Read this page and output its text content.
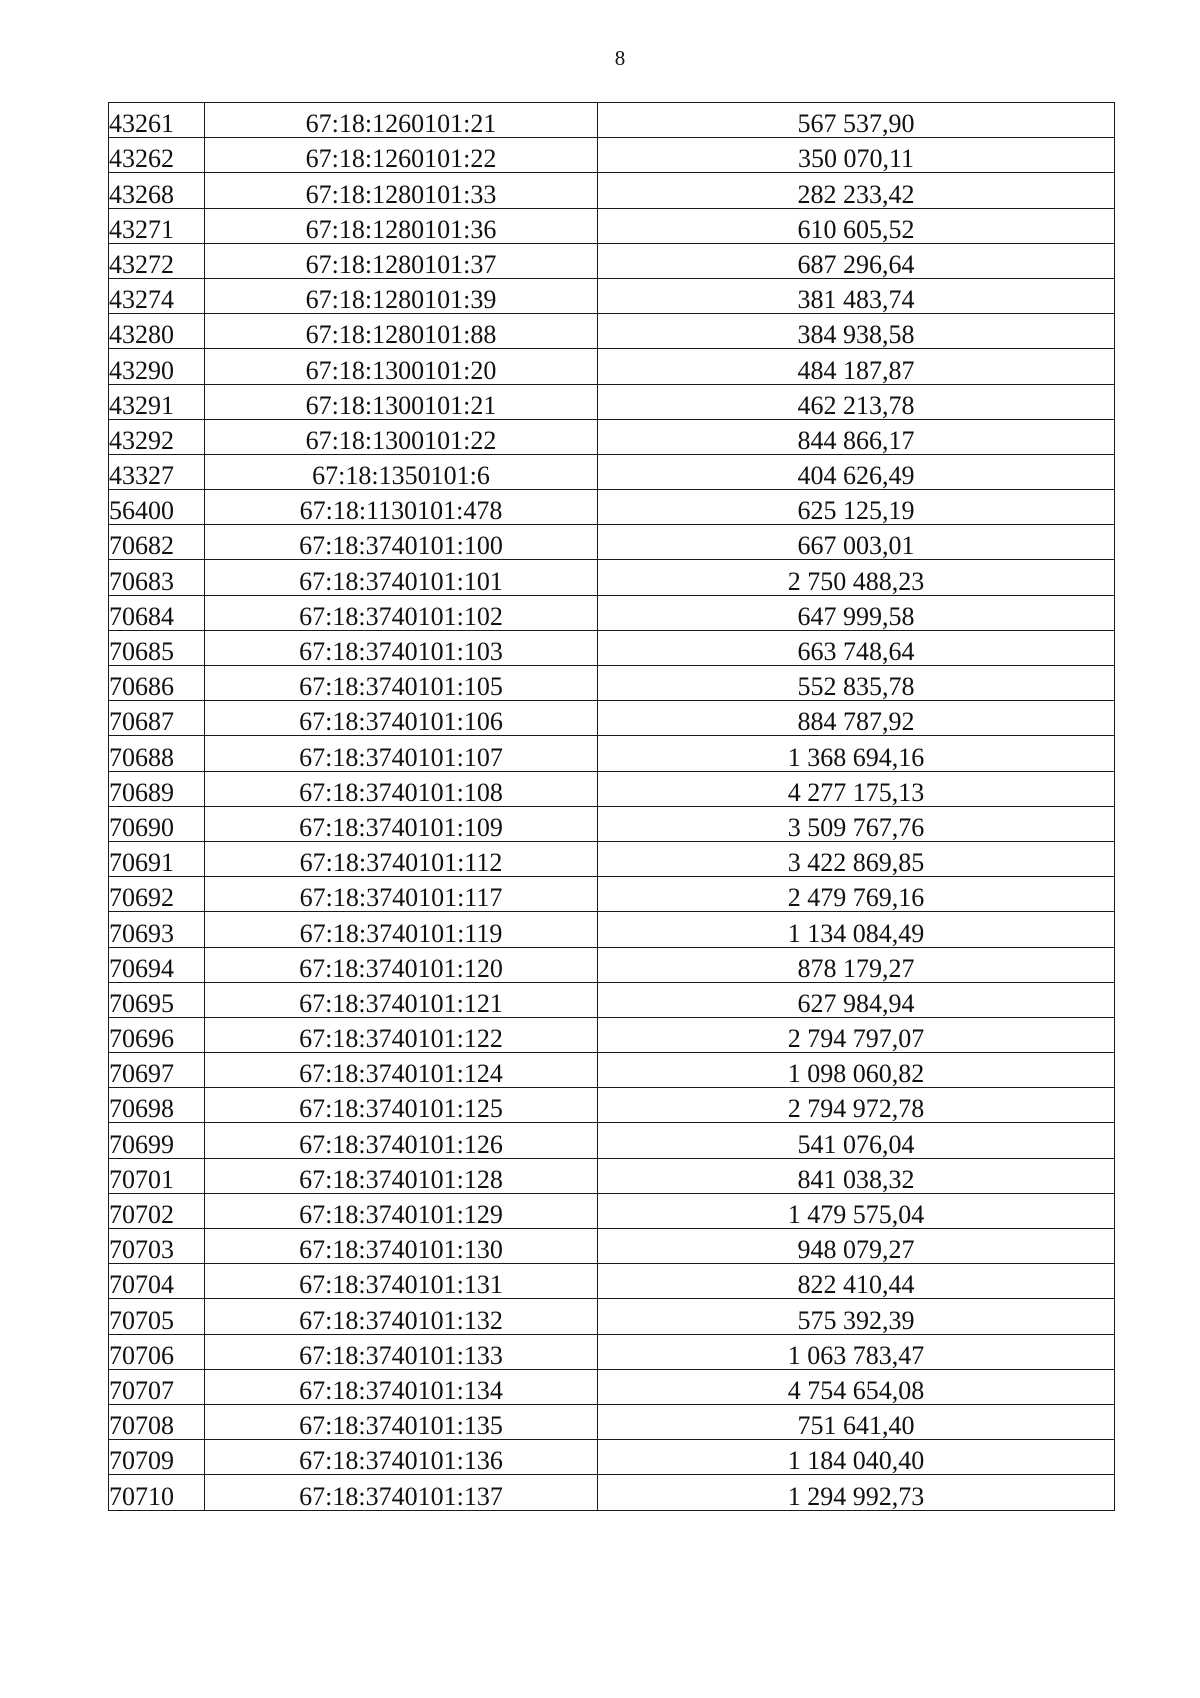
8
43261	67:18:1260101:21	567 537,90
43262	67:18:1260101:22	350 070,11
43268	67:18:1280101:33	282 233,42
43271	67:18:1280101:36	610 605,52
43272	67:18:1280101:37	687 296,64
43274	67:18:1280101:39	381 483,74
43280	67:18:1280101:88	384 938,58
43290	67:18:1300101:20	484 187,87
43291	67:18:1300101:21	462 213,78
43292	67:18:1300101:22	844 866,17
43327	67:18:1350101:6	404 626,49
56400	67:18:1130101:478	625 125,19
70682	67:18:3740101:100	667 003,01
70683	67:18:3740101:101	2 750 488,23
70684	67:18:3740101:102	647 999,58
70685	67:18:3740101:103	663 748,64
70686	67:18:3740101:105	552 835,78
70687	67:18:3740101:106	884 787,92
70688	67:18:3740101:107	1 368 694,16
70689	67:18:3740101:108	4 277 175,13
70690	67:18:3740101:109	3 509 767,76
70691	67:18:3740101:112	3 422 869,85
70692	67:18:3740101:117	2 479 769,16
70693	67:18:3740101:119	1 134 084,49
70694	67:18:3740101:120	878 179,27
70695	67:18:3740101:121	627 984,94
70696	67:18:3740101:122	2 794 797,07
70697	67:18:3740101:124	1 098 060,82
70698	67:18:3740101:125	2 794 972,78
70699	67:18:3740101:126	541 076,04
70701	67:18:3740101:128	841 038,32
70702	67:18:3740101:129	1 479 575,04
70703	67:18:3740101:130	948 079,27
70704	67:18:3740101:131	822 410,44
70705	67:18:3740101:132	575 392,39
70706	67:18:3740101:133	1 063 783,47
70707	67:18:3740101:134	4 754 654,08
70708	67:18:3740101:135	751 641,40
70709	67:18:3740101:136	1 184 040,40
70710	67:18:3740101:137	1 294 992,73
